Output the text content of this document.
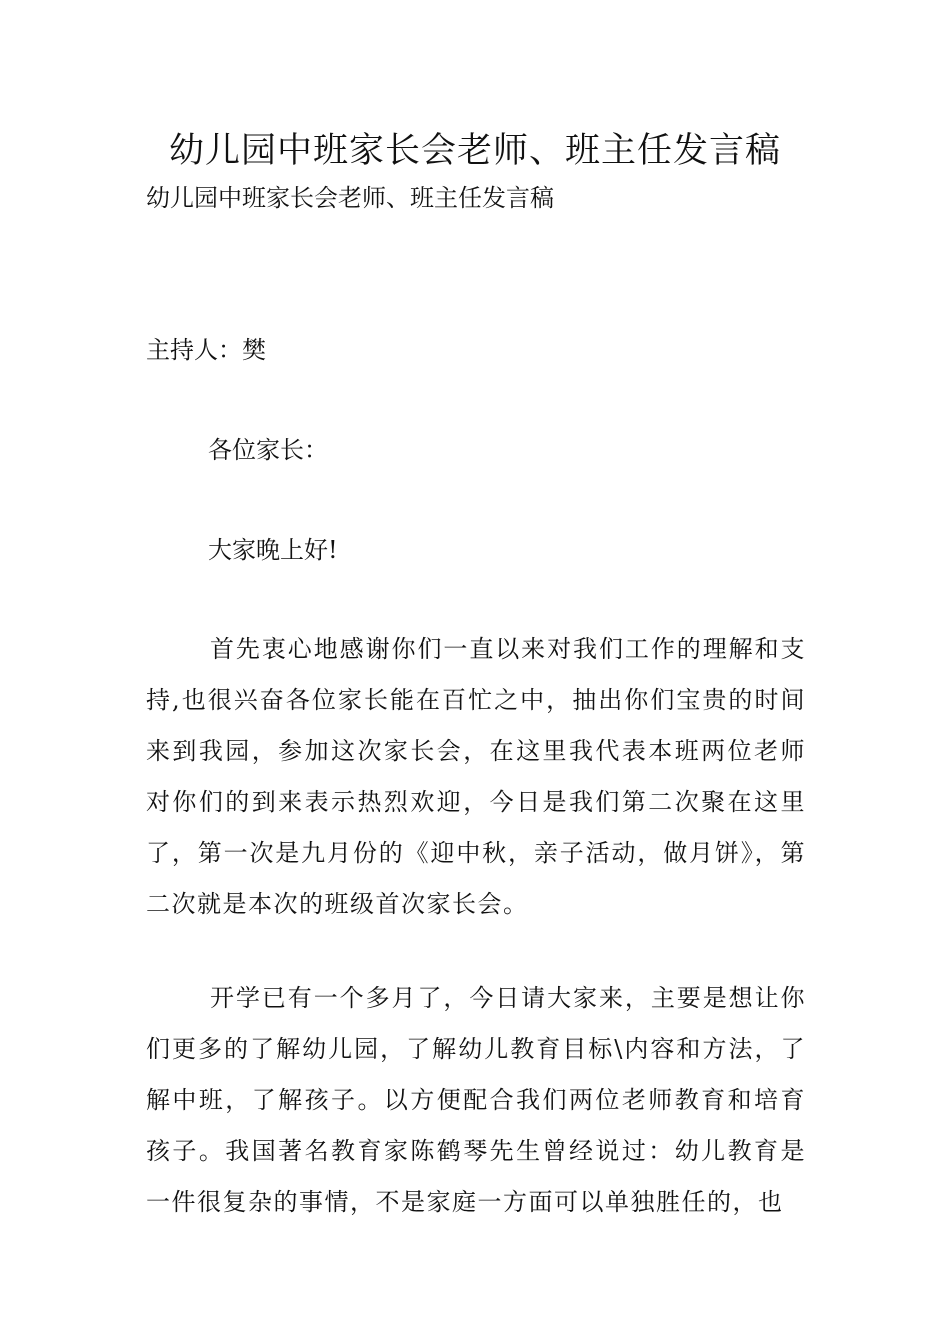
幼儿园中班家长会老师、班主任发言稿

幼儿园中班家长会老师、班主任发言稿

主持人：樊

各位家长：

大家晚上好!

首先衷心地感谢你们一直以来对我们工作的理解和支持,也很兴奋各位家长能在百忙之中，抽出你们宝贵的时间来到我园，参加这次家长会，在这里我代表本班两位老师对你们的到来表示热烈欢迎，今日是我们第二次聚在这里了，第一次是九月份的《迎中秋，亲子活动，做月饼》，第二次就是本次的班级首次家长会。

开学已有一个多月了，今日请大家来，主要是想让你们更多的了解幼儿园，了解幼儿教育目标\内容和方法，了解中班，了解孩子。以方便配合我们两位老师教育和培育孩子。我国著名教育家陈鹤琴先生曾经说过：幼儿教育是一件很复杂的事情，不是家庭一方面可以单独胜任的，也
